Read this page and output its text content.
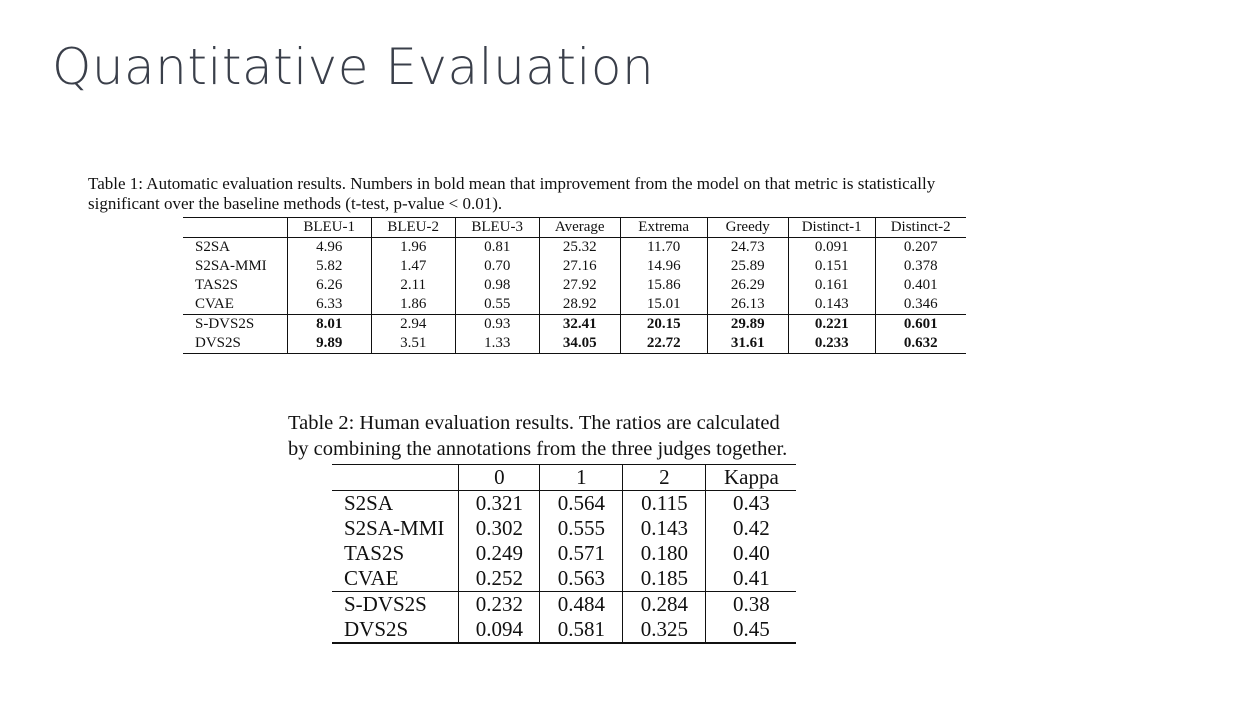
Quantitative Evaluation
Table 1: Automatic evaluation results. Numbers in bold mean that improvement from the model on that metric is statistically
significant over the baseline methods (t-test, p-value < 0.01).
	BLEU-1	BLEU-2	BLEU-3	Average	Extrema	Greedy	Distinct-1	Distinct-2
S2SA	4.96	1.96	0.81	25.32	11.70	24.73	0.091	0.207
S2SA-MMI	5.82	1.47	0.70	27.16	14.96	25.89	0.151	0.378
TAS2S	6.26	2.11	0.98	27.92	15.86	26.29	0.161	0.401
CVAE	6.33	1.86	0.55	28.92	15.01	26.13	0.143	0.346
S-DVS2S	8.01	2.94	0.93	32.41	20.15	29.89	0.221	0.601
DVS2S	9.89	3.51	1.33	34.05	22.72	31.61	0.233	0.632
Table 2: Human evaluation results. The ratios are calculated
by combining the annotations from the three judges together.
	0	1	2	Kappa
S2SA	0.321	0.564	0.115	0.43
S2SA-MMI	0.302	0.555	0.143	0.42
TAS2S	0.249	0.571	0.180	0.40
CVAE	0.252	0.563	0.185	0.41
S-DVS2S	0.232	0.484	0.284	0.38
DVS2S	0.094	0.581	0.325	0.45
